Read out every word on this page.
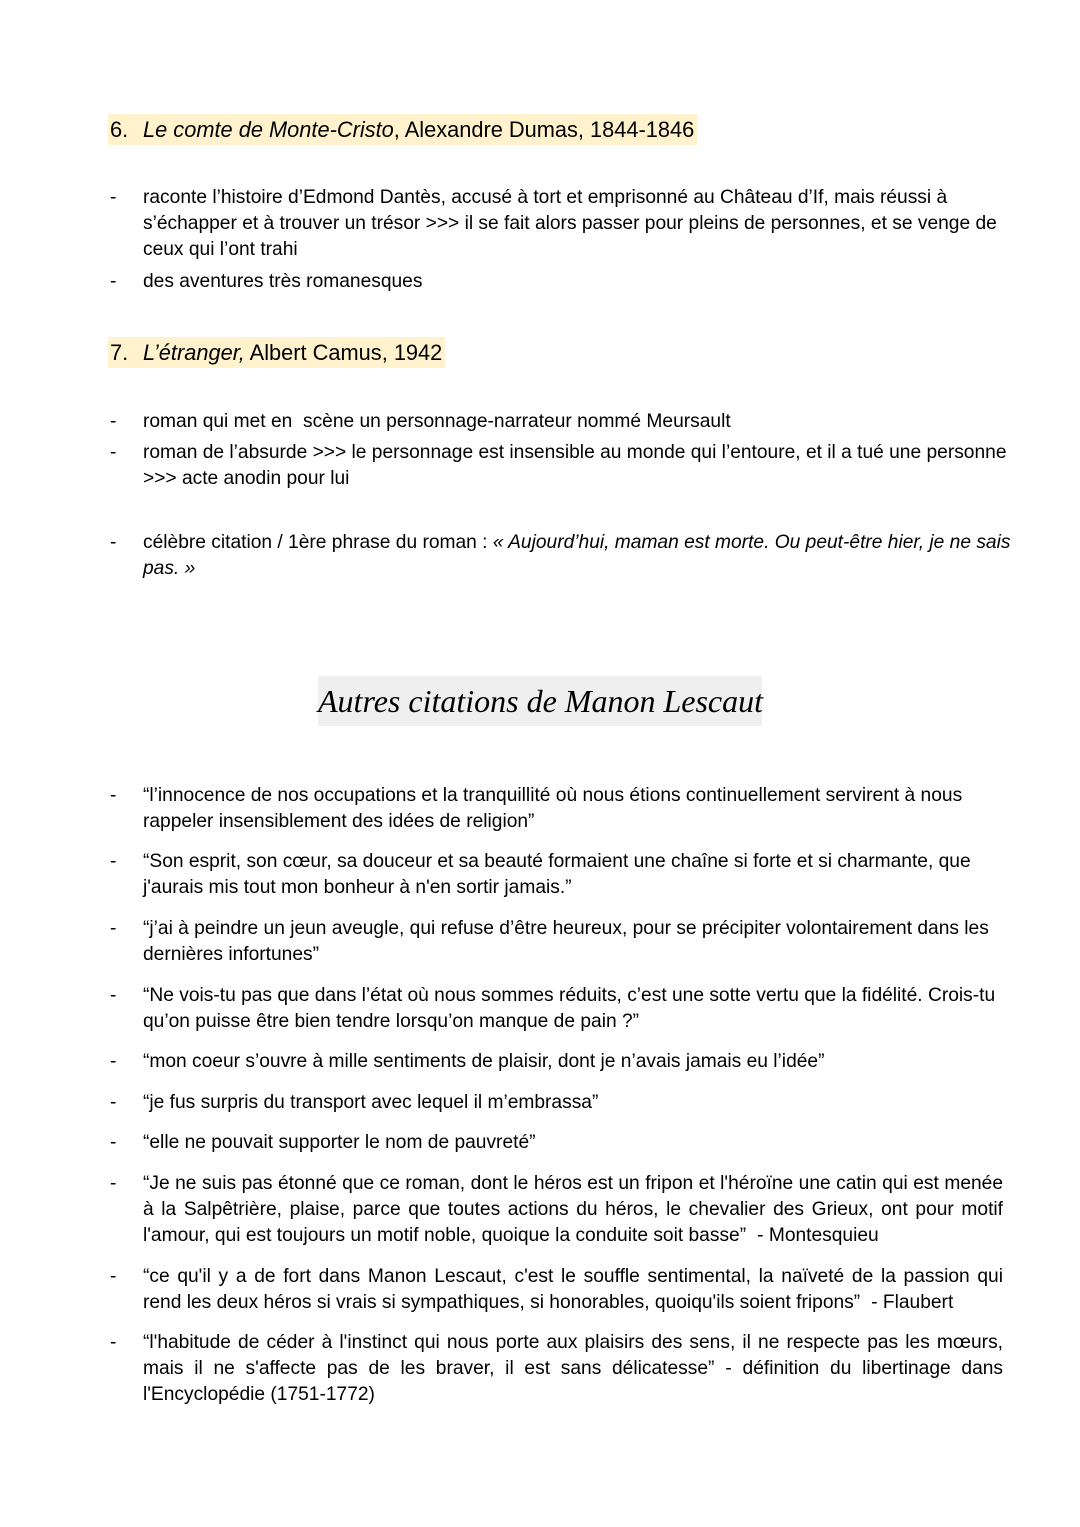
6. Le comte de Monte-Cristo, Alexandre Dumas, 1844-1846
- raconte l’histoire d’Edmond Dantès, accusé à tort et emprisonné au Château d’If, mais réussi à
s’échapper et à trouver un trésor >>> il se fait alors passer pour pleins de personnes, et se venge de
ceux qui l’ont trahi
- des aventures très romanesques
7. L’étranger, Albert Camus, 1942
- roman qui met en  scène un personnage-narrateur nommé Meursault
- roman de l’absurde >>> le personnage est insensible au monde qui l’entoure, et il a tué une personne
>>> acte anodin pour lui
- célèbre citation / 1ère phrase du roman : « Aujourd’hui, maman est morte. Ou peut-être hier, je ne sais
pas. »
Autres citations de Manon Lescaut
- “l’innocence de nos occupations et la tranquillité où nous étions continuellement servirent à nous
rappeler insensiblement des idées de religion”
- “Son esprit, son cœur, sa douceur et sa beauté formaient une chaîne si forte et si charmante, que
j'aurais mis tout mon bonheur à n'en sortir jamais.”
- “j’ai à peindre un jeun aveugle, qui refuse d’être heureux, pour se précipiter volontairement dans les
dernières infortunes”
- “Ne vois-tu pas que dans l’état où nous sommes réduits, c’est une sotte vertu que la fidélité. Crois-tu
qu’on puisse être bien tendre lorsqu’on manque de pain ?”
- “mon coeur s’ouvre à mille sentiments de plaisir, dont je n’avais jamais eu l’idée”
- “je fus surpris du transport avec lequel il m’embrassa”
- “elle ne pouvait supporter le nom de pauvreté”
- “Je ne suis pas étonné que ce roman, dont le héros est un fripon et l'héroïne une catin qui est menée
à la Salpêtrière, plaise, parce que toutes actions du héros, le chevalier des Grieux, ont pour motif
l'amour, qui est toujours un motif noble, quoique la conduite soit basse” - Montesquieu
- “ce qu'il y a de fort dans Manon Lescaut, c'est le souffle sentimental, la naïveté de la passion qui
rend les deux héros si vrais si sympathiques, si honorables, quoiqu'ils soient fripons” - Flaubert
- “l'habitude de céder à l'instinct qui nous porte aux plaisirs des sens, il ne respecte pas les mœurs,
mais il ne s'affecte pas de les braver, il est sans délicatesse” - définition du libertinage dans
l'Encyclopédie (1751-1772)
